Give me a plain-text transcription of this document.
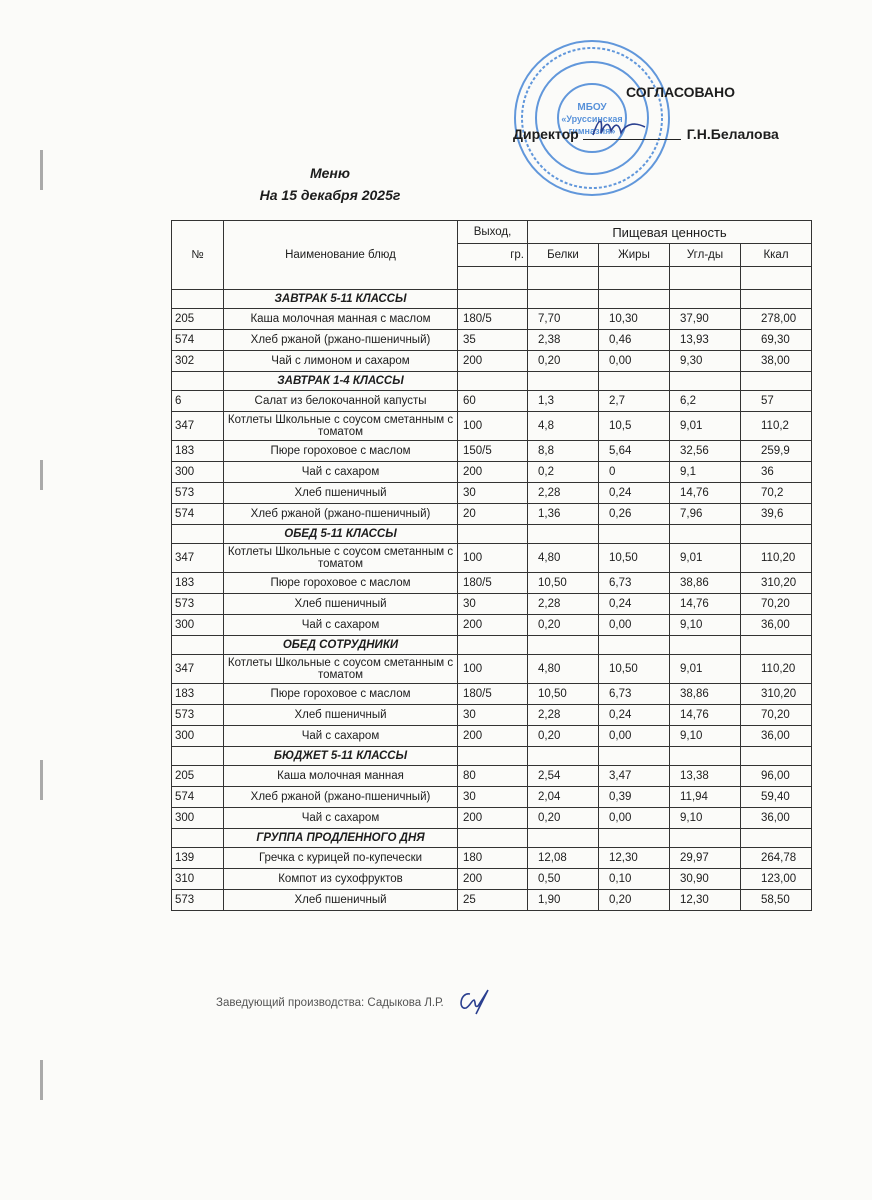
МБОУ
«Уруссинская
гимназия»
СОГЛАСОВАНО
Директор	Г.Н.Белалова
Меню
На 15 декабря 2025г
№	Наименование блюд	Выход,	Пищевая ценность			
		гр.	Белки	Жиры	Угл-ды	Ккал

	ЗАВТРАК 5-11 КЛАССЫ					
205	Каша молочная манная с маслом	180/5	7,70	10,30	37,90	278,00
574	Хлеб ржаной (ржано-пшеничный)	35	2,38	0,46	13,93	69,30
302	Чай с лимоном и сахаром	200	0,20	0,00	9,30	38,00
	ЗАВТРАК 1-4 КЛАССЫ					
6	Салат из белокочанной капусты	60	1,3	2,7	6,2	57
347	Котлеты Школьные с соусом сметанным с томатом	100	4,8	10,5	9,01	110,2
183	Пюре гороховое с маслом	150/5	8,8	5,64	32,56	259,9
300	Чай с сахаром	200	0,2	0	9,1	36
573	Хлеб пшеничный	30	2,28	0,24	14,76	70,2
574	Хлеб ржаной (ржано-пшеничный)	20	1,36	0,26	7,96	39,6
	ОБЕД 5-11 КЛАССЫ					
347	Котлеты Школьные с соусом сметанным с томатом	100	4,80	10,50	9,01	110,20
183	Пюре гороховое с маслом	180/5	10,50	6,73	38,86	310,20
573	Хлеб пшеничный	30	2,28	0,24	14,76	70,20
300	Чай с сахаром	200	0,20	0,00	9,10	36,00
	ОБЕД СОТРУДНИКИ					
347	Котлеты Школьные с соусом сметанным с томатом	100	4,80	10,50	9,01	110,20
183	Пюре гороховое с маслом	180/5	10,50	6,73	38,86	310,20
573	Хлеб пшеничный	30	2,28	0,24	14,76	70,20
300	Чай с сахаром	200	0,20	0,00	9,10	36,00
	БЮДЖЕТ 5-11 КЛАССЫ					
205	Каша молочная манная	80	2,54	3,47	13,38	96,00
574	Хлеб ржаной (ржано-пшеничный)	30	2,04	0,39	11,94	59,40
300	Чай с сахаром	200	0,20	0,00	9,10	36,00
	ГРУППА ПРОДЛЕННОГО ДНЯ					
139	Гречка с курицей по-купечески	180	12,08	12,30	29,97	264,78
310	Компот из сухофруктов	200	0,50	0,10	30,90	123,00
573	Хлеб пшеничный	25	1,90	0,20	12,30	58,50
Заведующий производства: Садыкова Л.Р.
